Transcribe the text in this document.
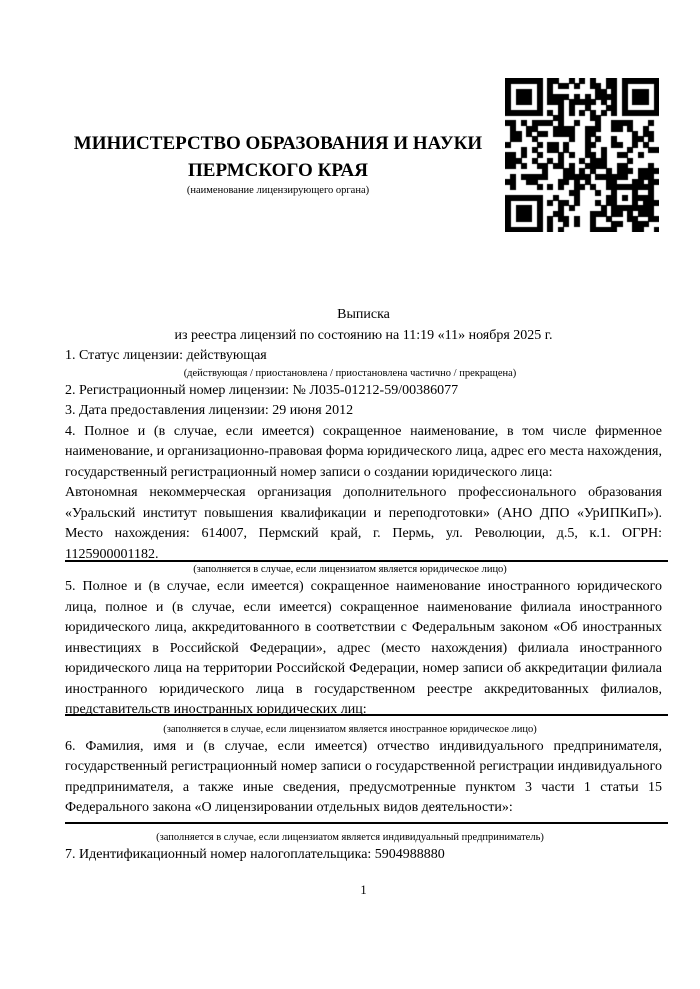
МИНИСТЕРСТВО ОБРАЗОВАНИЯ И НАУКИ
ПЕРМСКОГО КРАЯ

(наименование лицензирующего органа)

Выписка
из реестра лицензий по состоянию на 11:19 «11» ноября 2025 г.

1. Статус лицензии: действующая

(действующая / приостановлена / приостановлена частично / прекращена)

2. Регистрационный номер лицензии: № Л035-01212-59/00386077

3. Дата предоставления лицензии: 29 июня 2012

4. Полное и (в случае, если имеется) сокращенное наименование, в том числе фирменное наименование, и организационно-правовая форма юридического лица, адрес его места нахождения, государственный регистрационный номер записи о создании юридического лица:

Автономная некоммерческая организация дополнительного профессионального образования «Уральский институт повышения квалификации и переподготовки» (АНО ДПО «УрИПКиП»). Место нахождения: 614007, Пермский край, г. Пермь, ул. Революции, д.5, к.1. ОГРН: 1125900001182.

(заполняется в случае, если лицензиатом является юридическое лицо)

5. Полное и (в случае, если имеется) сокращенное наименование иностранного юридического лица, полное и (в случае, если имеется) сокращенное наименование филиала иностранного юридического лица, аккредитованного в соответствии с Федеральным законом «Об иностранных инвестициях в Российской Федерации», адрес (место нахождения) филиала иностранного юридического лица на территории Российской Федерации, номер записи об аккредитации филиала иностранного юридического лица в государственном реестре аккредитованных филиалов, представительств иностранных юридических лиц:

(заполняется в случае, если лицензиатом является иностранное юридическое лицо)

6. Фамилия, имя и (в случае, если имеется) отчество индивидуального предпринимателя, государственный регистрационный номер записи о государственной регистрации индивидуального предпринимателя, а также иные сведения, предусмотренные пунктом 3 части 1 статьи 15 Федерального закона «О лицензировании отдельных видов деятельности»:

(заполняется в случае, если лицензиатом является индивидуальный предприниматель)

7. Идентификационный номер налогоплательщика: 5904988880

1
